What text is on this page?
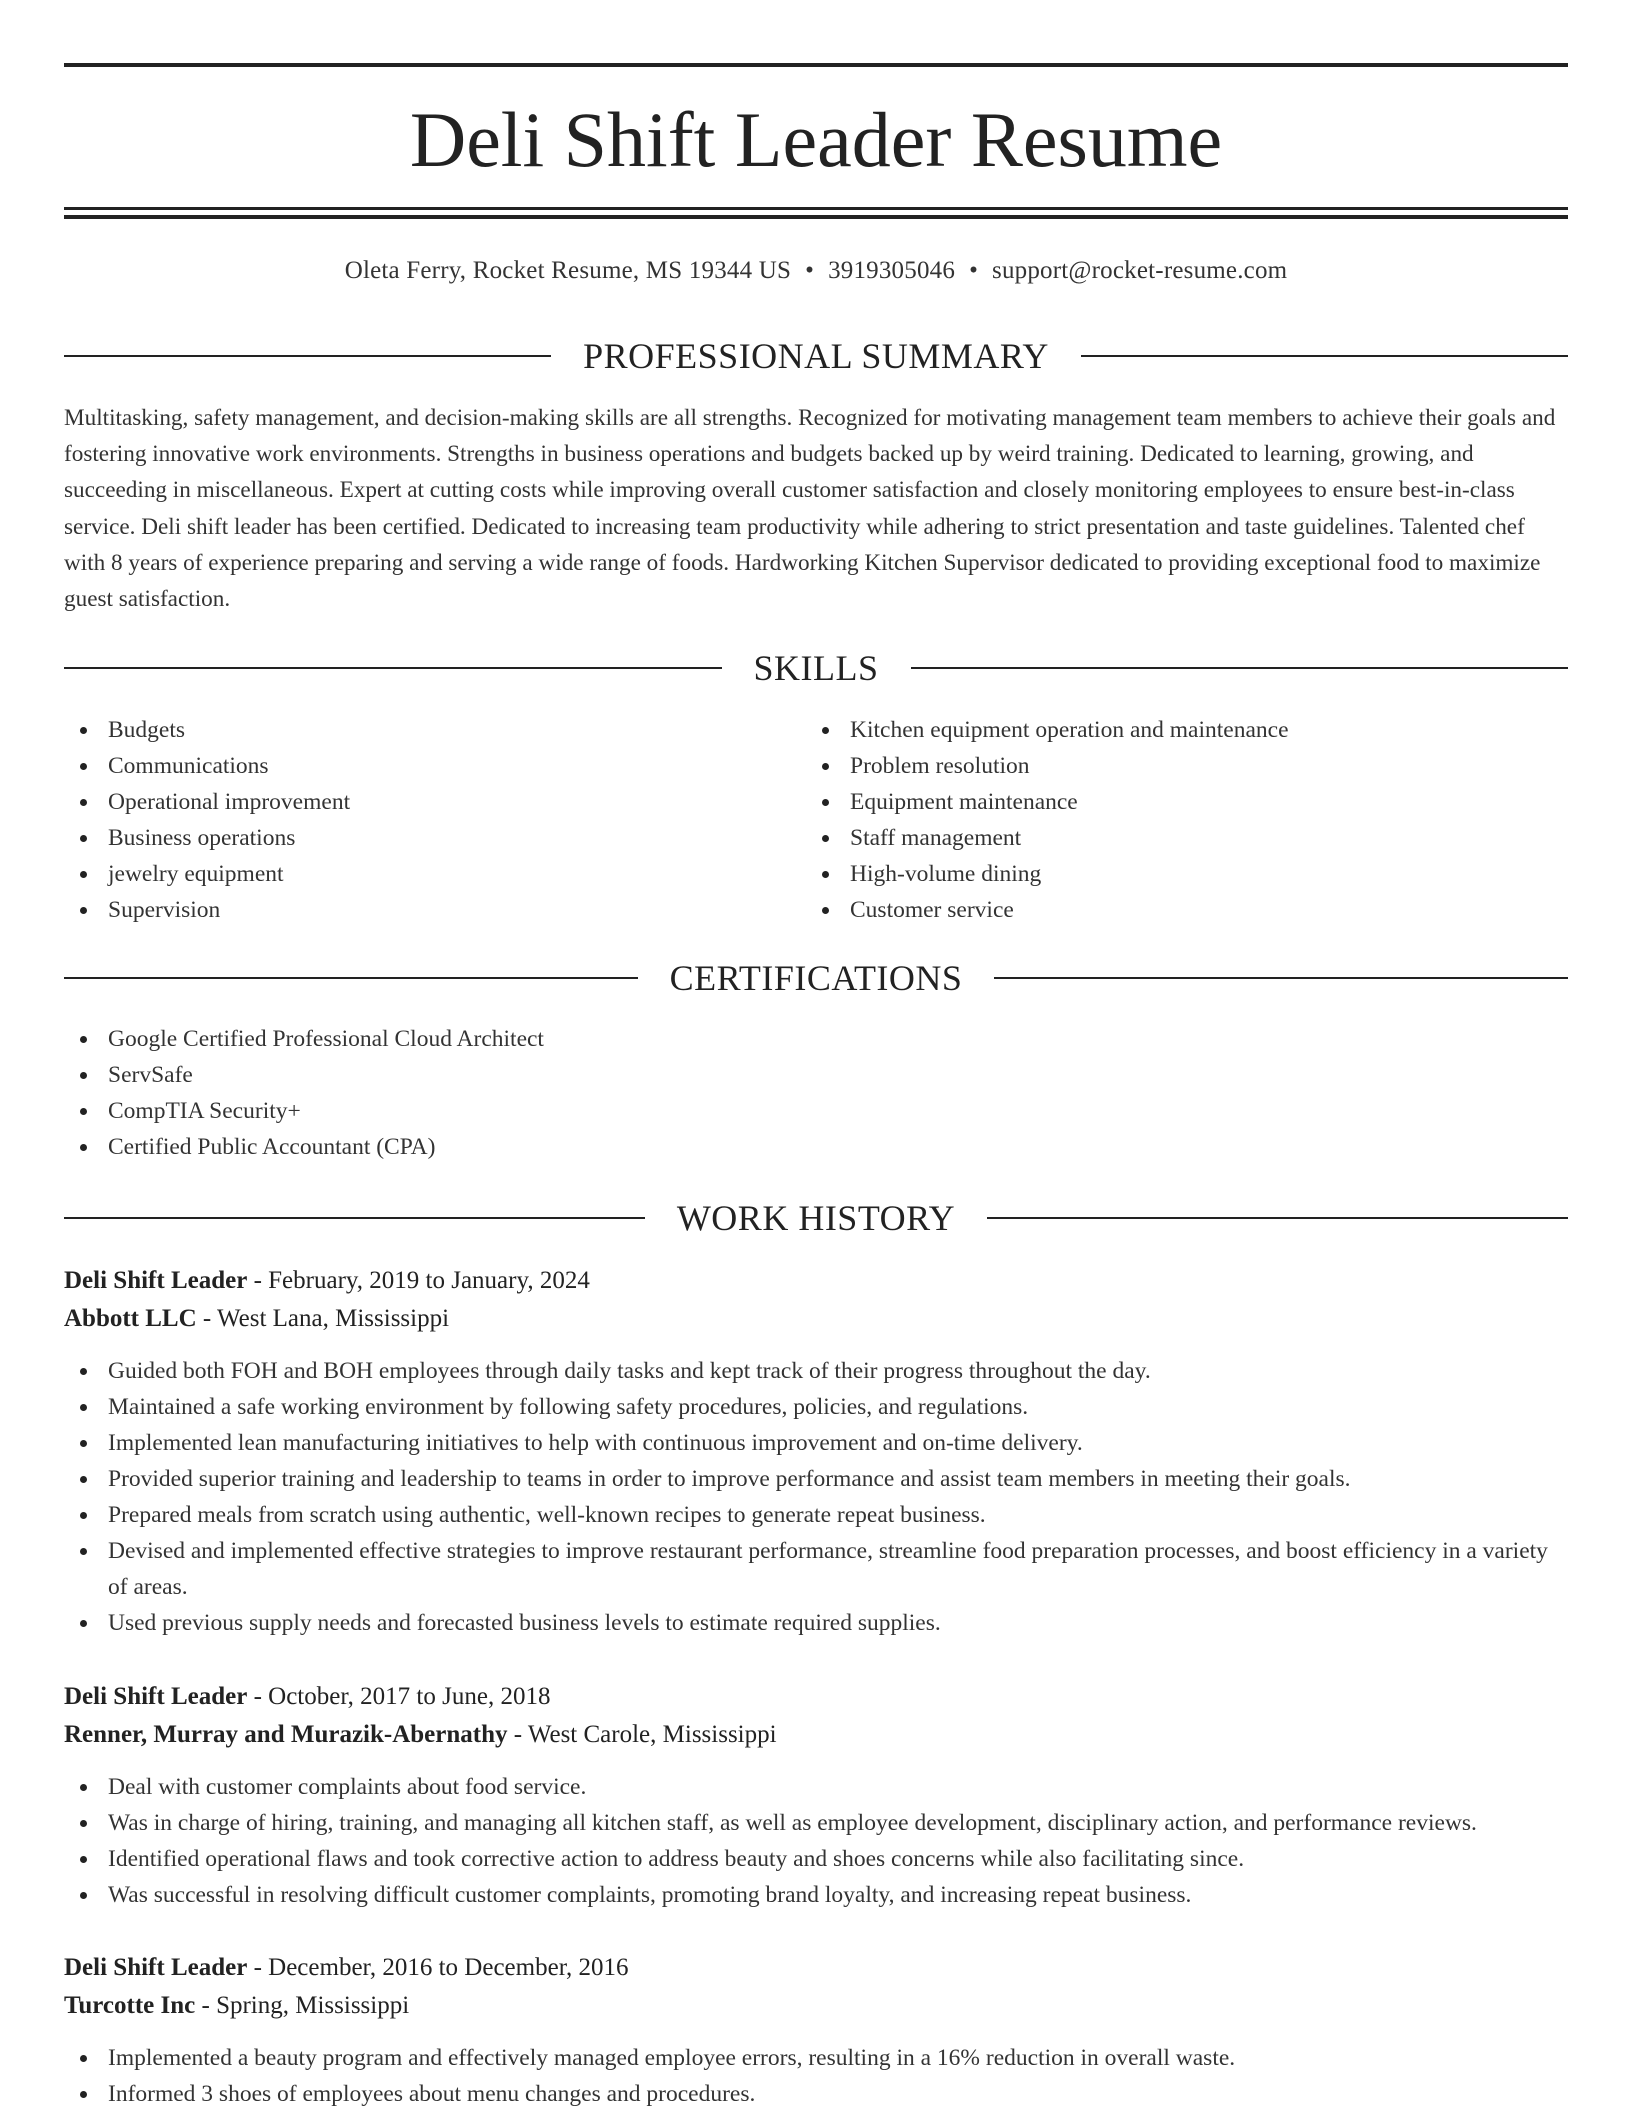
Deli Shift Leader Resume
Oleta Ferry, Rocket Resume, MS 19344 US • 3919305046 • support@rocket-resume.com
PROFESSIONAL SUMMARY

Multitasking, safety management, and decision-making skills are all strengths. Recognized for motivating management team members to achieve their goals and fostering innovative work environments. Strengths in business operations and budgets backed up by weird training. Dedicated to learning, growing, and succeeding in miscellaneous. Expert at cutting costs while improving overall customer satisfaction and closely monitoring employees to ensure best-in-class service. Deli shift leader has been certified. Dedicated to increasing team productivity while adhering to strict presentation and taste guidelines. Talented chef with 8 years of experience preparing and serving a wide range of foods. Hardworking Kitchen Supervisor dedicated to providing exceptional food to maximize guest satisfaction.

SKILLS
Budgets
Communications
Operational improvement
Business operations
jewelry equipment
Supervision
Kitchen equipment operation and maintenance
Problem resolution
Equipment maintenance
Staff management
High-volume dining
Customer service
CERTIFICATIONS
Google Certified Professional Cloud Architect
ServSafe
CompTIA Security+
Certified Public Accountant (CPA)
WORK HISTORY
Deli Shift Leader - February, 2019 to January, 2024
Abbott LLC - West Lana, Mississippi
Guided both FOH and BOH employees through daily tasks and kept track of their progress throughout the day.
Maintained a safe working environment by following safety procedures, policies, and regulations.
Implemented lean manufacturing initiatives to help with continuous improvement and on-time delivery.
Provided superior training and leadership to teams in order to improve performance and assist team members in meeting their goals.
Prepared meals from scratch using authentic, well-known recipes to generate repeat business.
Devised and implemented effective strategies to improve restaurant performance, streamline food preparation processes, and boost efficiency in a variety of areas.
Used previous supply needs and forecasted business levels to estimate required supplies.
Deli Shift Leader - October, 2017 to June, 2018
Renner, Murray and Murazik-Abernathy - West Carole, Mississippi
Deal with customer complaints about food service.
Was in charge of hiring, training, and managing all kitchen staff, as well as employee development, disciplinary action, and performance reviews.
Identified operational flaws and took corrective action to address beauty and shoes concerns while also facilitating since.
Was successful in resolving difficult customer complaints, promoting brand loyalty, and increasing repeat business.
Deli Shift Leader - December, 2016 to December, 2016
Turcotte Inc - Spring, Mississippi
Implemented a beauty program and effectively managed employee errors, resulting in a 16% reduction in overall waste.
Informed 3 shoes of employees about menu changes and procedures.
